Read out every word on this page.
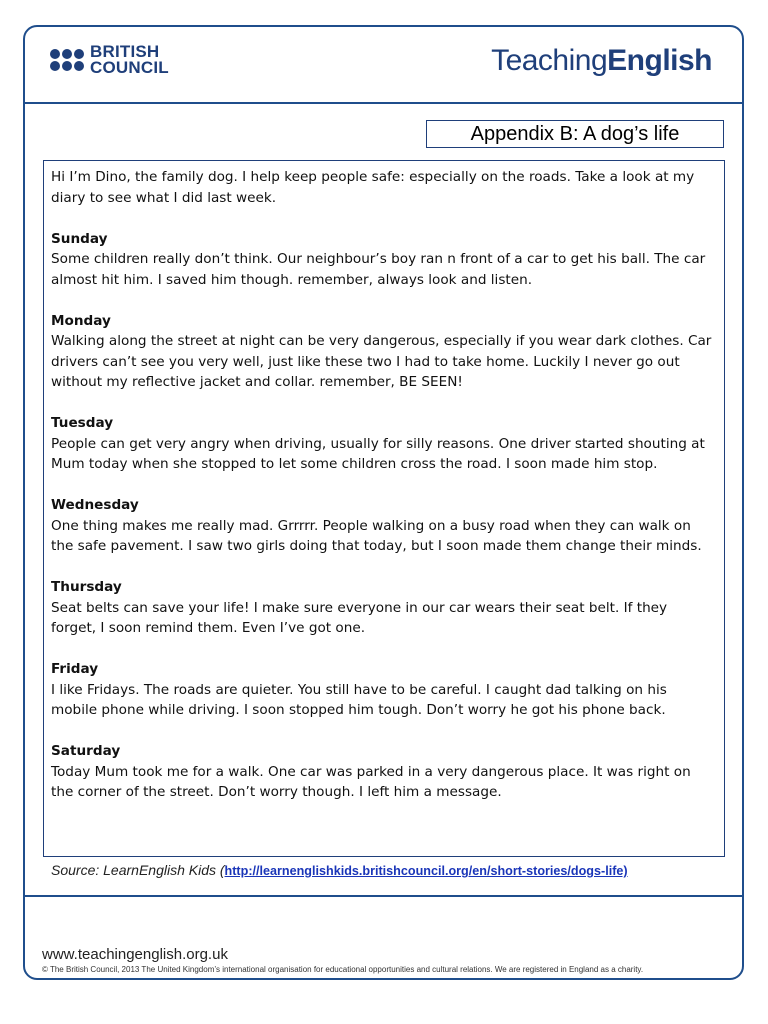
BRITISH
COUNCIL	TeachingEnglish
Appendix B: A dog’s life

Hi I’m Dino, the family dog. I help keep people safe: especially on the roads. Take a look at my diary to see what I did last week.

Sunday
Some children really don’t think. Our neighbour’s boy ran n front of a car to get his ball. The car almost hit him. I saved him though. remember, always look and listen.

Monday
Walking along the street at night can be very dangerous, especially if you wear dark clothes. Car drivers can’t see you very well, just like these two I had to take home. Luckily I never go out without my reflective jacket and collar. remember, BE SEEN!

Tuesday
People can get very angry when driving, usually for silly reasons. One driver started shouting at Mum today when she stopped to let some children cross the road. I soon made him stop.

Wednesday
One thing makes me really mad. Grrrrr. People walking on a busy road when they can walk on the safe pavement. I saw two girls doing that today, but I soon made them change their minds.

Thursday
Seat belts can save your life! I make sure everyone in our car wears their seat belt. If they forget, I soon remind them. Even I’ve got one.

Friday
I like Fridays. The roads are quieter. You still have to be careful. I caught dad talking on his mobile phone while driving. I soon stopped him tough. Don’t worry he got his phone back.

Saturday
Today Mum took me for a walk. One car was parked in a very dangerous place. It was right on the corner of the street. Don’t worry though. I left him a message.

Source: LearnEnglish Kids (http://learnenglishkids.britishcouncil.org/en/short-stories/dogs-life)
www.teachingenglish.org.uk
© The British Council, 2013 The United Kingdom’s international organisation for educational opportunities and cultural relations. We are registered in England as a charity.
